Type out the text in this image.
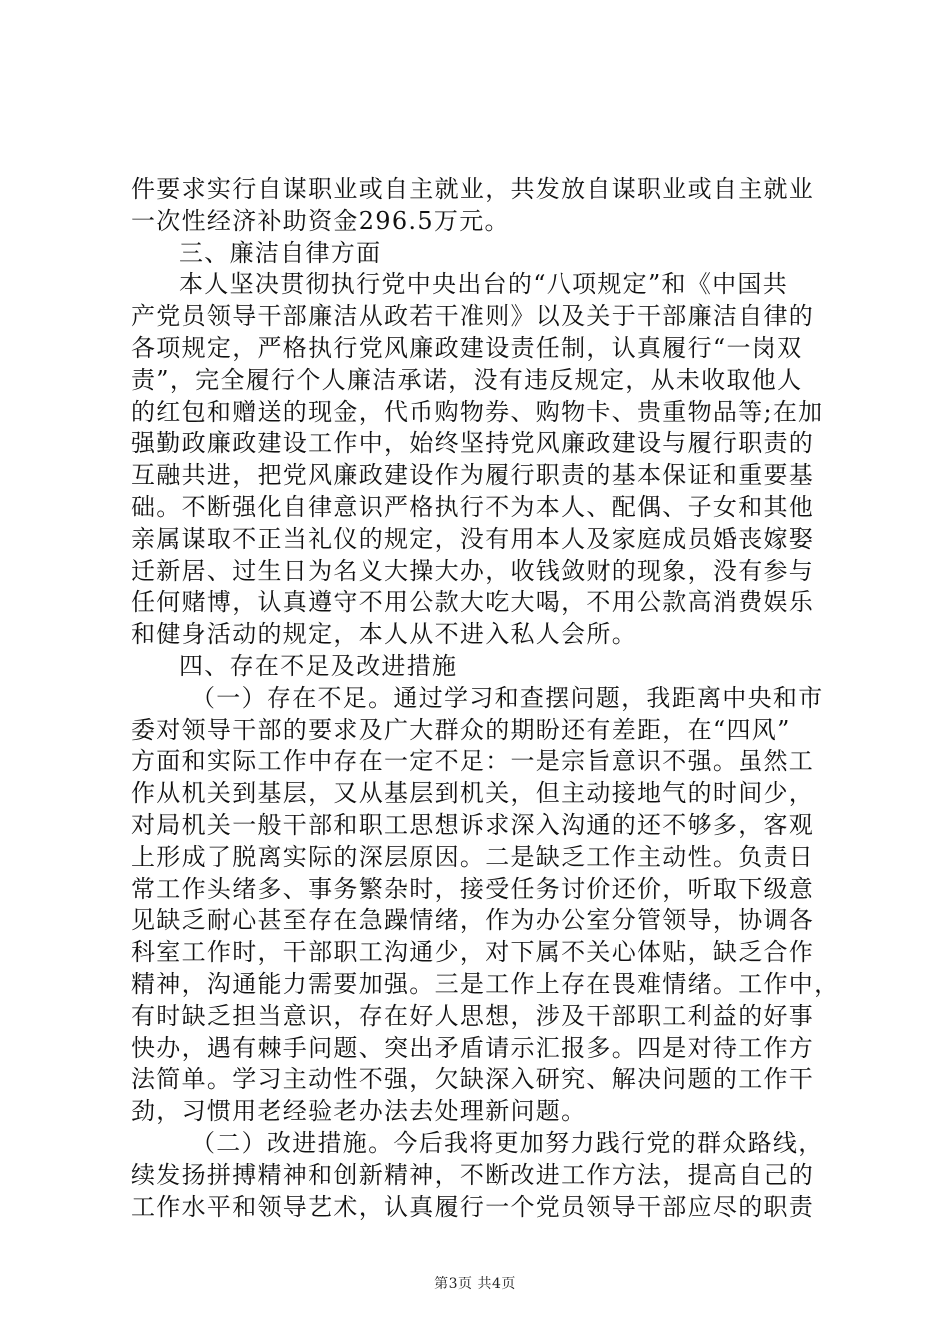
件要求实行自谋职业或自主就业，共发放自谋职业或自主就业
一次性经济补助资金296.5万元。
三、廉洁自律方面
本人坚决贯彻执行党中央出台的“八项规定”和《中国共
产党员领导干部廉洁从政若干准则》以及关于干部廉洁自律的
各项规定，严格执行党风廉政建设责任制，认真履行“一岗双
责”，完全履行个人廉洁承诺，没有违反规定，从未收取他人
的红包和赠送的现金，代币购物券、购物卡、贵重物品等;在加
强勤政廉政建设工作中，始终坚持党风廉政建设与履行职责的
互融共进，把党风廉政建设作为履行职责的基本保证和重要基
础。不断强化自律意识严格执行不为本人、配偶、子女和其他
亲属谋取不正当礼仪的规定，没有用本人及家庭成员婚丧嫁娶
迁新居、过生日为名义大操大办，收钱敛财的现象，没有参与
任何赌博，认真遵守不用公款大吃大喝，不用公款高消费娱乐
和健身活动的规定，本人从不进入私人会所。
四、存在不足及改进措施
（一）存在不足。通过学习和查摆问题，我距离中央和市
委对领导干部的要求及广大群众的期盼还有差距，在“四风”
方面和实际工作中存在一定不足：一是宗旨意识不强。虽然工
作从机关到基层，又从基层到机关，但主动接地气的时间少，
对局机关一般干部和职工思想诉求深入沟通的还不够多，客观
上形成了脱离实际的深层原因。二是缺乏工作主动性。负责日
常工作头绪多、事务繁杂时，接受任务讨价还价，听取下级意
见缺乏耐心甚至存在急躁情绪，作为办公室分管领导，协调各
科室工作时，干部职工沟通少，对下属不关心体贴，缺乏合作
精神，沟通能力需要加强。三是工作上存在畏难情绪。工作中，
有时缺乏担当意识，存在好人思想，涉及干部职工利益的好事
快办，遇有棘手问题、突出矛盾请示汇报多。四是对待工作方
法简单。学习主动性不强，欠缺深入研究、解决问题的工作干
劲，习惯用老经验老办法去处理新问题。
（二）改进措施。今后我将更加努力践行党的群众路线，
续发扬拼搏精神和创新精神，不断改进工作方法，提高自己的
工作水平和领导艺术，认真履行一个党员领导干部应尽的职责
第3页 共4页
